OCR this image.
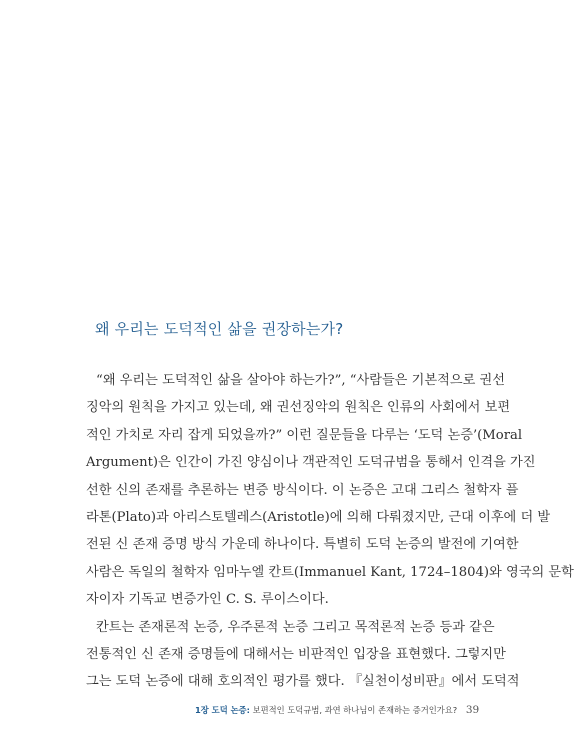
왜 우리는 도덕적인 삶을 권장하는가?
“왜 우리는 도덕적인 삶을 살아야 하는가?”, “사람들은 기본적으로 권선
징악의 원칙을 가지고 있는데, 왜 권선징악의 원칙은 인류의 사회에서 보편
적인 가치로 자리 잡게 되었을까?” 이런 질문들을 다루는 ‘도덕 논증’(Moral
Argument)은 인간이 가진 양심이나 객관적인 도덕규범을 통해서 인격을 가진
선한 신의 존재를 추론하는 변증 방식이다. 이 논증은 고대 그리스 철학자 플
라톤(Plato)과 아리스토텔레스(Aristotle)에 의해 다뤄졌지만, 근대 이후에 더 발
전된 신 존재 증명 방식 가운데 하나이다. 특별히 도덕 논증의 발전에 기여한
사람은 독일의 철학자 임마누엘 칸트(Immanuel Kant, 1724–1804)와 영국의 문학
자이자 기독교 변증가인 C. S. 루이스이다.
칸트는 존재론적 논증, 우주론적 논증 그리고 목적론적 논증 등과 같은
전통적인 신 존재 증명들에 대해서는 비판적인 입장을 표현했다. 그렇지만
그는 도덕 논증에 대해 호의적인 평가를 했다. 『실천이성비판』에서 도덕적
1장 도덕 논증: 보편적인 도덕규범, 과연 하나님이 존재하는 증거인가요? 39
